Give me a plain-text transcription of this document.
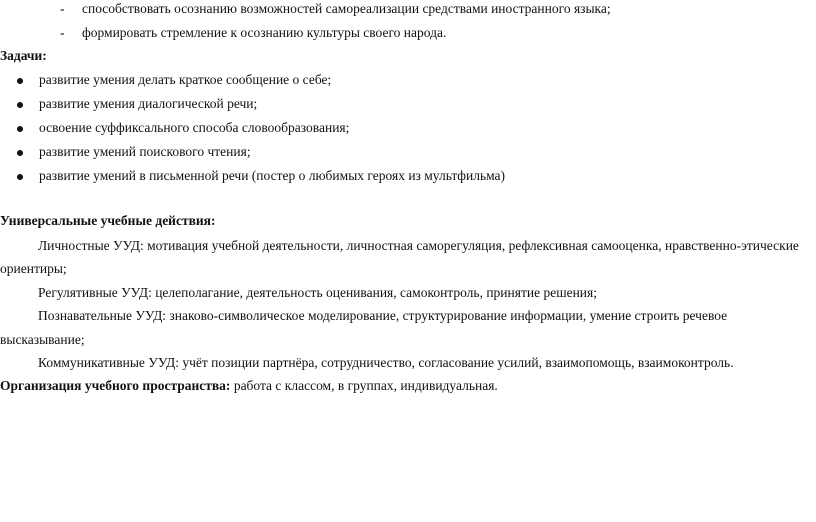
- способствовать осознанию возможностей самореализации средствами иностранного языка;
- формировать стремление к осознанию культуры своего народа.
Задачи:
развитие умения делать краткое сообщение о себе;
развитие умения диалогической речи;
освоение суффиксального способа словообразования;
развитие умений поискового чтения;
развитие умений в письменной речи (постер о любимых героях из мультфильма)
Универсальные учебные действия:
Личностные УУД: мотивация учебной деятельности, личностная саморегуляция, рефлексивная самооценка, нравственно-этические
ориентиры;
Регулятивные УУД: целеполагание, деятельность оценивания, самоконтроль, принятие решения;
Познавательные УУД: знаково-символическое моделирование, структурирование информации, умение строить речевое
высказывание;
Коммуникативные УУД: учёт позиции партнёра, сотрудничество, согласование усилий, взаимопомощь, взаимоконтроль.
Организация учебного пространства: работа с классом, в группах, индивидуальная.
